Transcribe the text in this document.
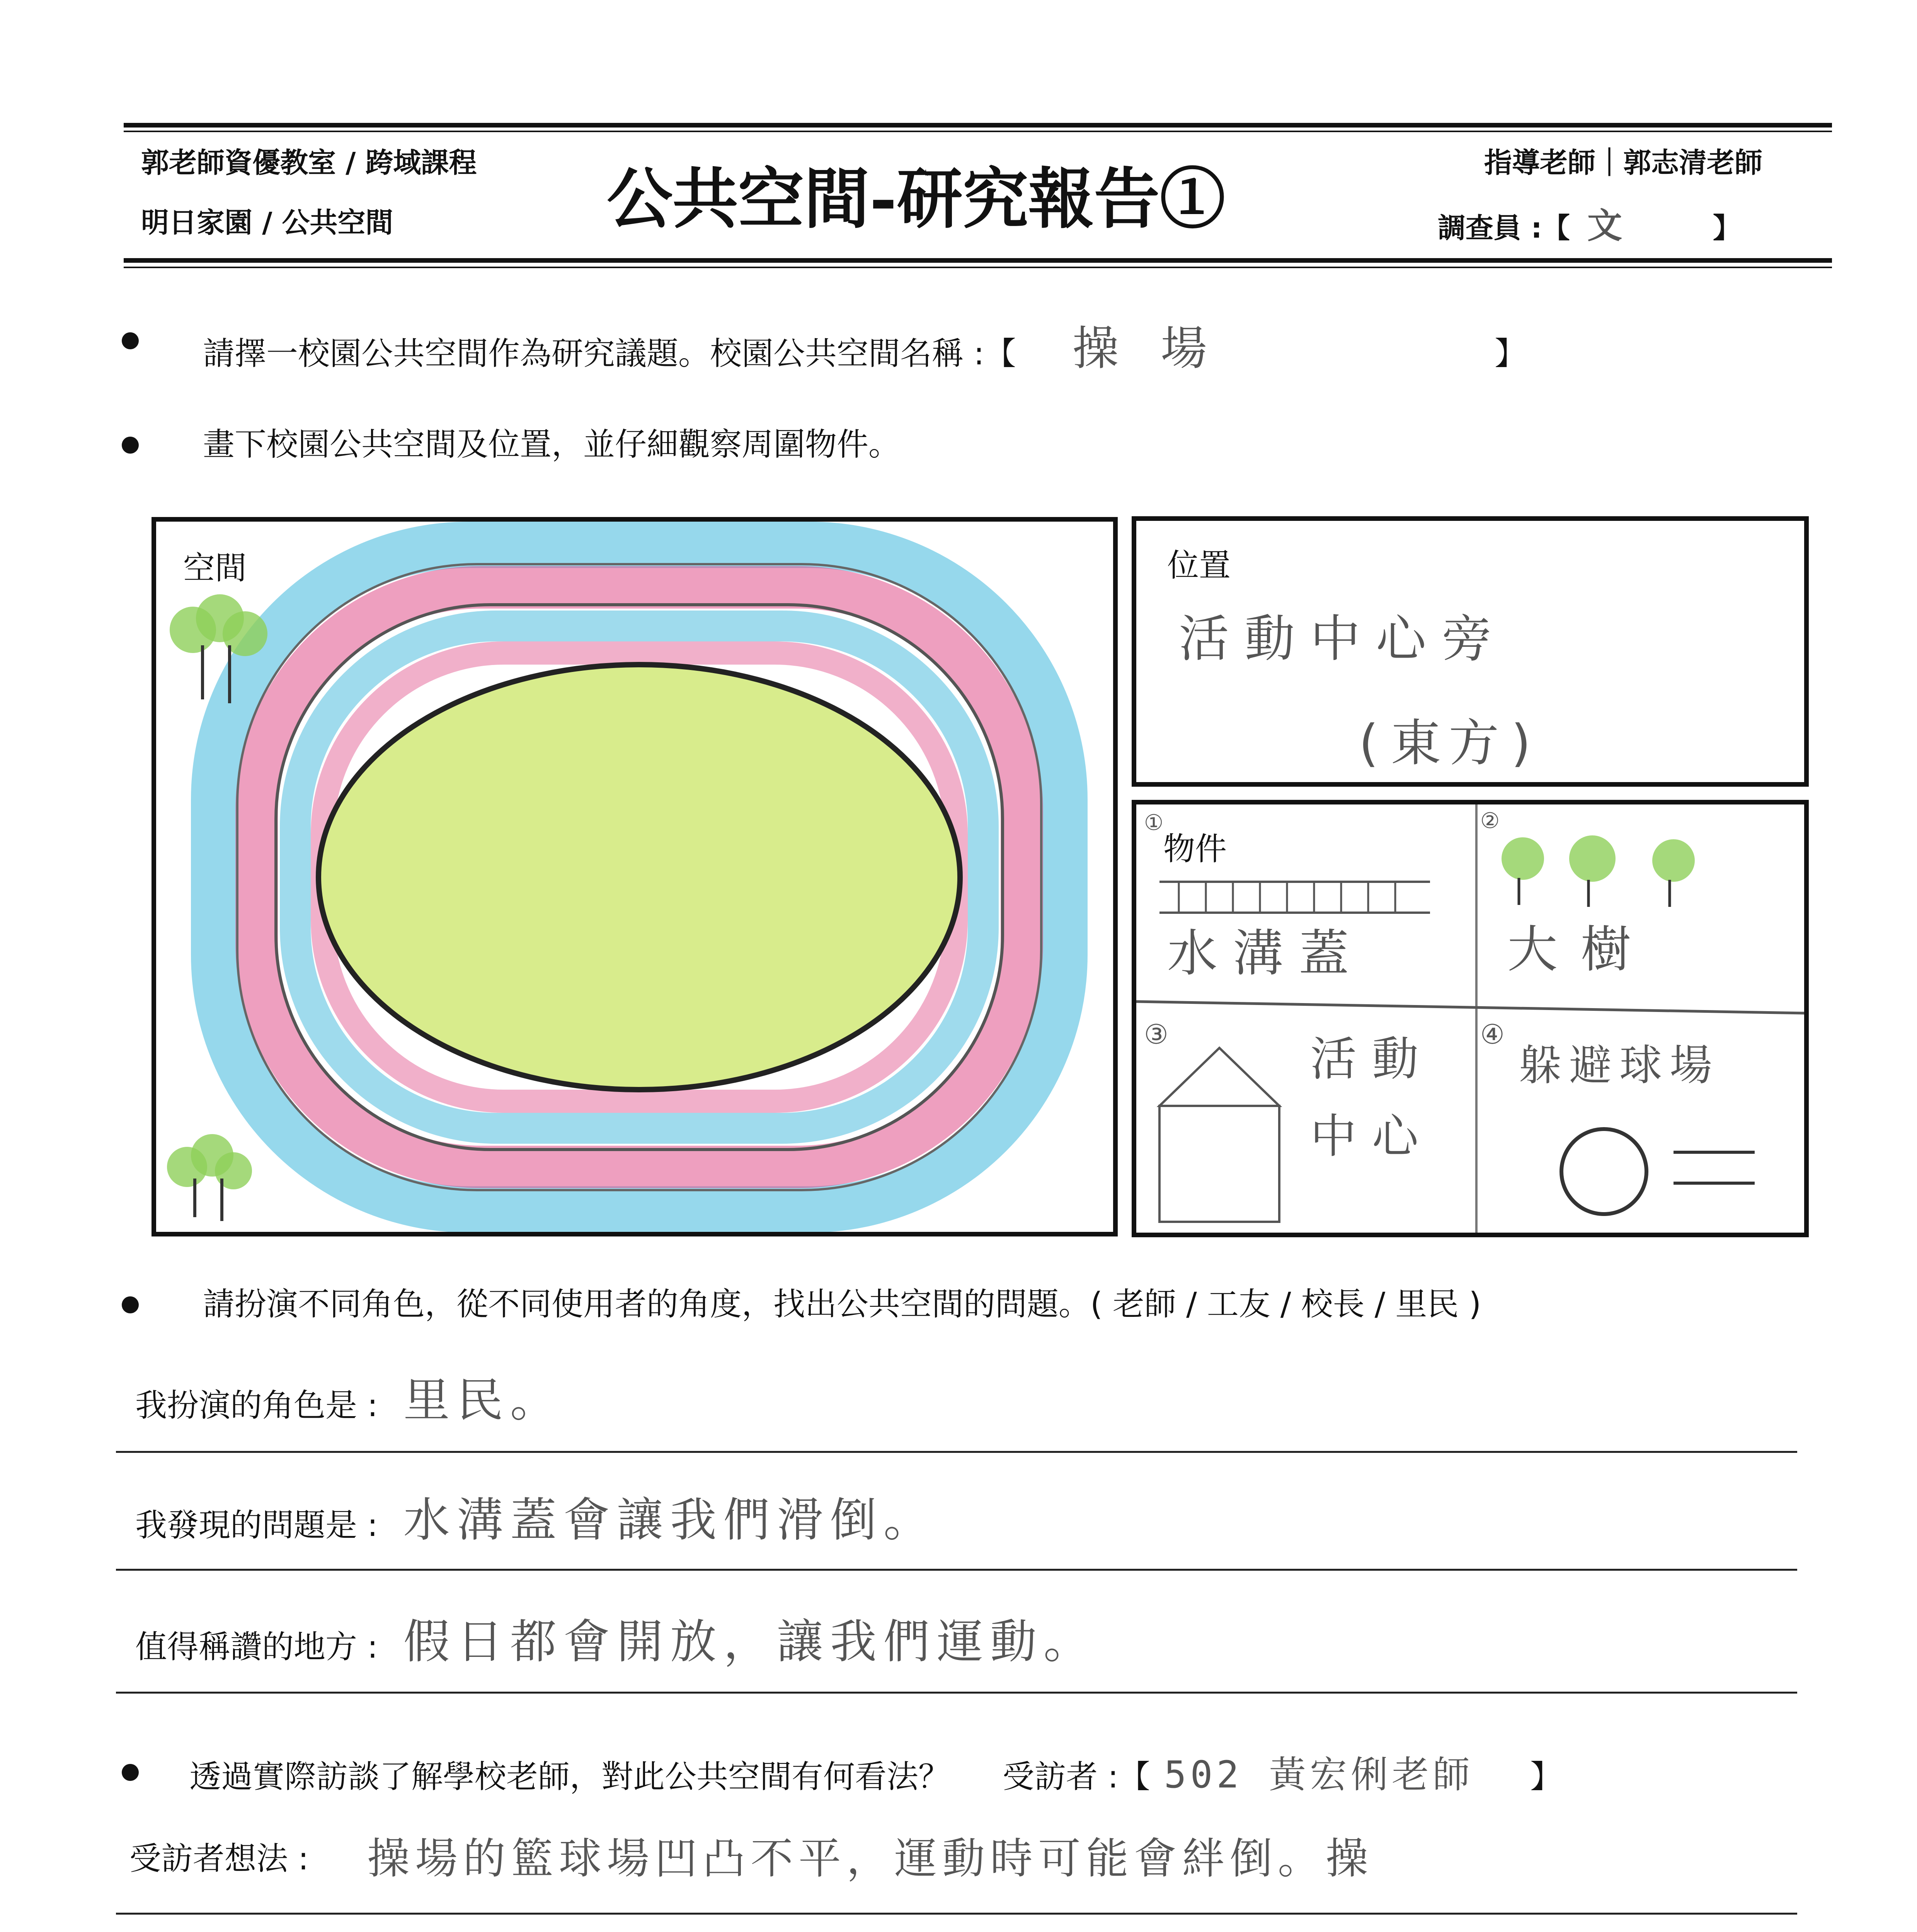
郭老師資優教室 / 跨域課程
明日家園 / 公共空間	公共空間-研究報告①	指導老師｜郭志清老師
調查員 :【 文	】
請擇一校園公共空間作為研究議題。校園公共空間名稱 :【 操 場	】
畫下校園公共空間及位置，並仔細觀察周圍物件。
空間	位置
活動中心旁
(東方)
①
物件
水溝蓋
②
大樹
③	活動
中心
④
躲避球場
請扮演不同角色，從不同使用者的角度，找出公共空間的問題。( 老師 / 工友 / 校長 / 里民 )
我扮演的角色是 : 里民。
我發現的問題是 : 水溝蓋會讓我們滑倒。
值得稱讚的地方 : 假日都會開放，讓我們運動。
透過實際訪談了解學校老師，對此公共空間有何看法？ 受訪者 :【 502 黃宏俐老師 】
受訪者想法 : 操場的籃球場凹凸不平，運動時可能會絆倒。操
